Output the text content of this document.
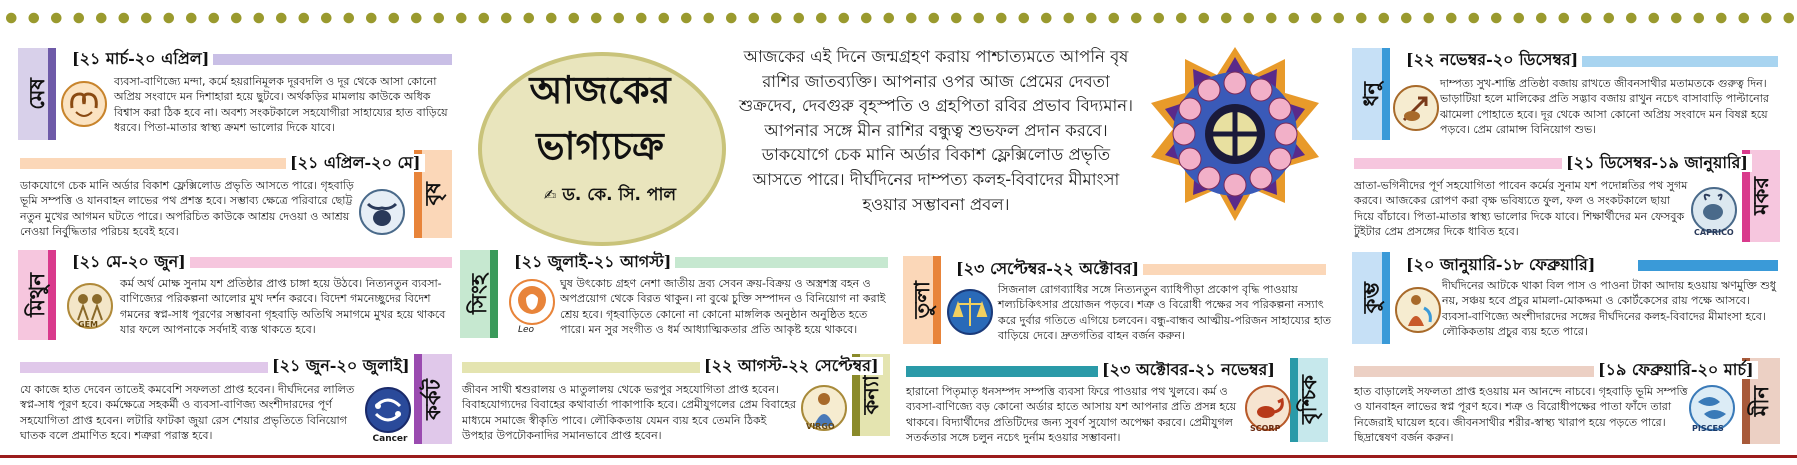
মেষ
[২১ মার্চ-২০ এপ্রিল]
ব্যবসা-বাণিজ্যে মন্দা, কর্মে হয়রানিমূলক দূরবদলি ও দূর থেকে আসা কোনো অপ্রিয় সংবাদে মন দিশাহারা হয়ে ছুটবে। অর্থকড়ির মামলায় কাউকে অধিক বিশ্বাস করা ঠিক হবে না। অবশ্য সংকটকালে সহযোগীরা সাহায্যের হাত বাড়িয়ে ধরবে। পিতা-মাতার স্বাস্থ্য ক্রমশ ভালোর দিকে যাবে।
বৃষ
[২১ এপ্রিল-২০ মে]
ডাকযোগে চেক মানি অর্ডার বিকাশ ফ্লেক্সিলোড প্রভৃতি আসতে পারে। গৃহবাড়ি ভূমি সম্পত্তি ও যানবাহন লাভের পথ প্রশস্ত হবে। সম্ভাব্য ক্ষেত্রে পরিবারে ছোট্ট নতুন মুখের আগমন ঘটতে পারে। অপরিচিত কাউকে আশ্রয় দেওয়া ও আশ্রয় নেওয়া নির্বুদ্ধিতার পরিচয় হবেই হবে।
মিথুন
[২১ মে-২০ জুন]
GEM
কর্ম অর্থ মোক্ষ সুনাম যশ প্রতিষ্ঠার প্রাপ্ত চাঙ্গা হয়ে উঠবে। নিত্যনতুন ব্যবসা-বাণিজ্যের পরিকল্পনা আলোর মুখ দর্শন করবে। বিদেশ গমনেচ্ছুদের বিদেশ গমনের স্বপ্ন-সাধ পূরণের সম্ভাবনা গৃহবাড়ি অতিথি সমাগমে মুখর হয়ে থাকবে যার ফলে আপনাকে সর্বদাই ব্যস্ত থাকতে হবে।
কর্কট
[২১ জুন-২০ জুলাই]
Cancer
যে কাজে হাত দেবেন তাতেই কমবেশি সফলতা প্রাপ্ত হবেন। দীর্ঘদিনের লালিত স্বপ্ন-সাধ পূরণ হবে। কর্মক্ষেত্রে সহকর্মী ও ব্যবসা-বাণিজ্য অংশীদারদের পূর্ণ সহযোগিতা প্রাপ্ত হবেন। লটারি ফাটকা জুয়া রেস শেয়ার প্রভৃতিতে বিনিয়োগ ঘাতক বলে প্রমাণিত হবে। শত্রুরা পরাস্ত হবে।
আজকের
ভাগ্যচক্র
✍ ড. কে. সি. পাল
আজকের এই দিনে জন্মগ্রহণ করায় পাশ্চাত্যমতে আপনি বৃষ রাশির জাতব্যক্তি। আপনার ওপর আজ প্রেমের দেবতা শুক্রদেব, দেবগুরু বৃহস্পতি ও গ্রহপিতা রবির প্রভাব বিদ্যমান। আপনার সঙ্গে মীন রাশির বন্ধুত্ব শুভফল প্রদান করবে। ডাকযোগে চেক মানি অর্ডার বিকাশ ফ্লেক্সিলোড প্রভৃতি আসতে পারে। দীর্ঘদিনের দাম্পত্য কলহ-বিবাদের মীমাংসা হওয়ার সম্ভাবনা প্রবল।
সিংহ
[২১ জুলাই-২১ আগস্ট]
Leo
ঘুষ উৎকোচ গ্রহণ নেশা জাতীয় দ্রব্য সেবন ক্রয়-বিক্রয় ও অস্ত্রশস্ত্র বহন ও অপপ্রয়োগ থেকে বিরত থাকুন। না বুঝে চুক্তি সম্পাদন ও বিনিয়োগ না করাই শ্রেয় হবে। গৃহবাড়িতে কোনো না কোনো মাঙ্গলিক অনুষ্ঠান অনুষ্ঠিত হতে পারে। মন সুর সংগীত ও ধর্ম আধ্যাত্মিকতার প্রতি আকৃষ্ট হয়ে থাকবে।
কন্যা
[২২ আগস্ট-২২ সেপ্টেম্বর]
VIRGO
জীবন সাথী শ্বশুরালয় ও মাতুলালয় থেকে ভরপুর সহযোগিতা প্রাপ্ত হবেন। বিবাহযোগ্যদের বিবাহের কথাবার্তা পাকাপাকি হবে। প্রেমীযুগলের প্রেম বিবাহের মাধ্যমে সমাজে স্বীকৃতি পাবে। লৌকিকতায় যেমন ব্যয় হবে তেমনি ঠিকই উপহার উপঢৌকনাদির সমানভাবে প্রাপ্ত হবেন।
তুলা
[২৩ সেপ্টেম্বর-২২ অক্টোবর]
সিজনাল রোগব্যাধির সঙ্গে নিত্যনতুন ব্যাধিপীড়া প্রকোপ বৃদ্ধি পাওয়ায় শল্যচিকিৎসার প্রয়োজন পড়বে। শত্রু ও বিরোধী পক্ষের সব পরিকল্পনা নস্যাৎ করে দুর্বার গতিতে এগিয়ে চলবেন। বন্ধু-বান্ধব আত্মীয়-পরিজন সাহায্যের হাত বাড়িয়ে দেবে। দ্রুতগতির বাহন বর্জন করুন।
বৃশ্চিক
[২৩ অক্টোবর-২১ নভেম্বর]
SCORP
হারানো পিতৃমাতৃ ধনসম্পদ সম্পত্তি ব্যবসা ফিরে পাওয়ার পথ খুলবে। কর্ম ও ব্যবসা-বাণিজ্যে বড় কোনো অর্ডার হাতে আসায় যশ আপনার প্রতি প্রসন্ন হয়ে থাকবে। বিদ্যার্থীদের প্রতিটিদের জন্য সুবর্ণ সুযোগ অপেক্ষা করবে। প্রেমীযুগল সতর্কতার সঙ্গে চলুন নচেৎ দুর্নাম হওয়ার সম্ভাবনা।
ধনু
[২২ নভেম্বর-২০ ডিসেম্বর]
দাম্পত্য সুখ-শান্তি প্রতিষ্ঠা বজায় রাখতে জীবনসাথীর মতামতকে গুরুত্ব দিন। ভাড়াটিয়া হলে মালিকের প্রতি সদ্ভাব বজায় রাখুন নচেৎ বাসাবাড়ি পাল্টানোর ঝামেলা পোহাতে হবে। দূর থেকে আসা কোনো অপ্রিয় সংবাদে মন বিষণ্ণ হয়ে পড়বে। প্রেম রোমান্স বিনিয়োগ শুভ।
মকর
[২১ ডিসেম্বর-১৯ জানুয়ারি]
CAPRICO
ভ্রাতা-ভগিনীদের পূর্ণ সহযোগিতা পাবেন কর্মের সুনাম যশ পদোন্নতির পথ সুগম করবে। আজকের রোপণ করা বৃক্ষ ভবিষ্যতে ফুল, ফল ও সংকটকালে ছায়া দিয়ে বাঁচাবে। পিতা-মাতার স্বাস্থ্য ভালোর দিকে যাবে। শিক্ষার্থীদের মন ফেসবুক টুইটার প্রেম প্রসঙ্গের দিকে ধাবিত হবে।
কুম্ভ
[২০ জানুয়ারি-১৮ ফেব্রুয়ারি]
দীর্ঘদিনের আটকে থাকা বিল পাস ও পাওনা টাকা আদায় হওয়ায় ঋণমুক্তি শুধু নয়, সঞ্চয় হবে প্রচুর মামলা-মোকদ্দমা ও কোর্টকেসের রায় পক্ষে আসবে। ব্যবসা-বাণিজ্যে অংশীদারদের সঙ্গের দীর্ঘদিনের কলহ-বিবাদের মীমাংসা হবে। লৌকিকতায় প্রচুর ব্যয় হতে পারে।
মীন
[১৯ ফেব্রুয়ারি-২০ মার্চ]
PISCES
হাত বাড়ালেই সফলতা প্রাপ্ত হওয়ায় মন আনন্দে নাচবে। গৃহবাড়ি ভূমি সম্পত্তি ও যানবাহন লাভের স্বপ্ন পূরণ হবে। শত্রু ও বিরোধীপক্ষের পাতা ফাঁদে তারা নিজেরাই ঘায়েল হবে। জীবনসাথীর শরীর-স্বাস্থ্য খারাপ হয়ে পড়তে পারে। ছিদ্রান্বেষণ বর্জন করুন।
